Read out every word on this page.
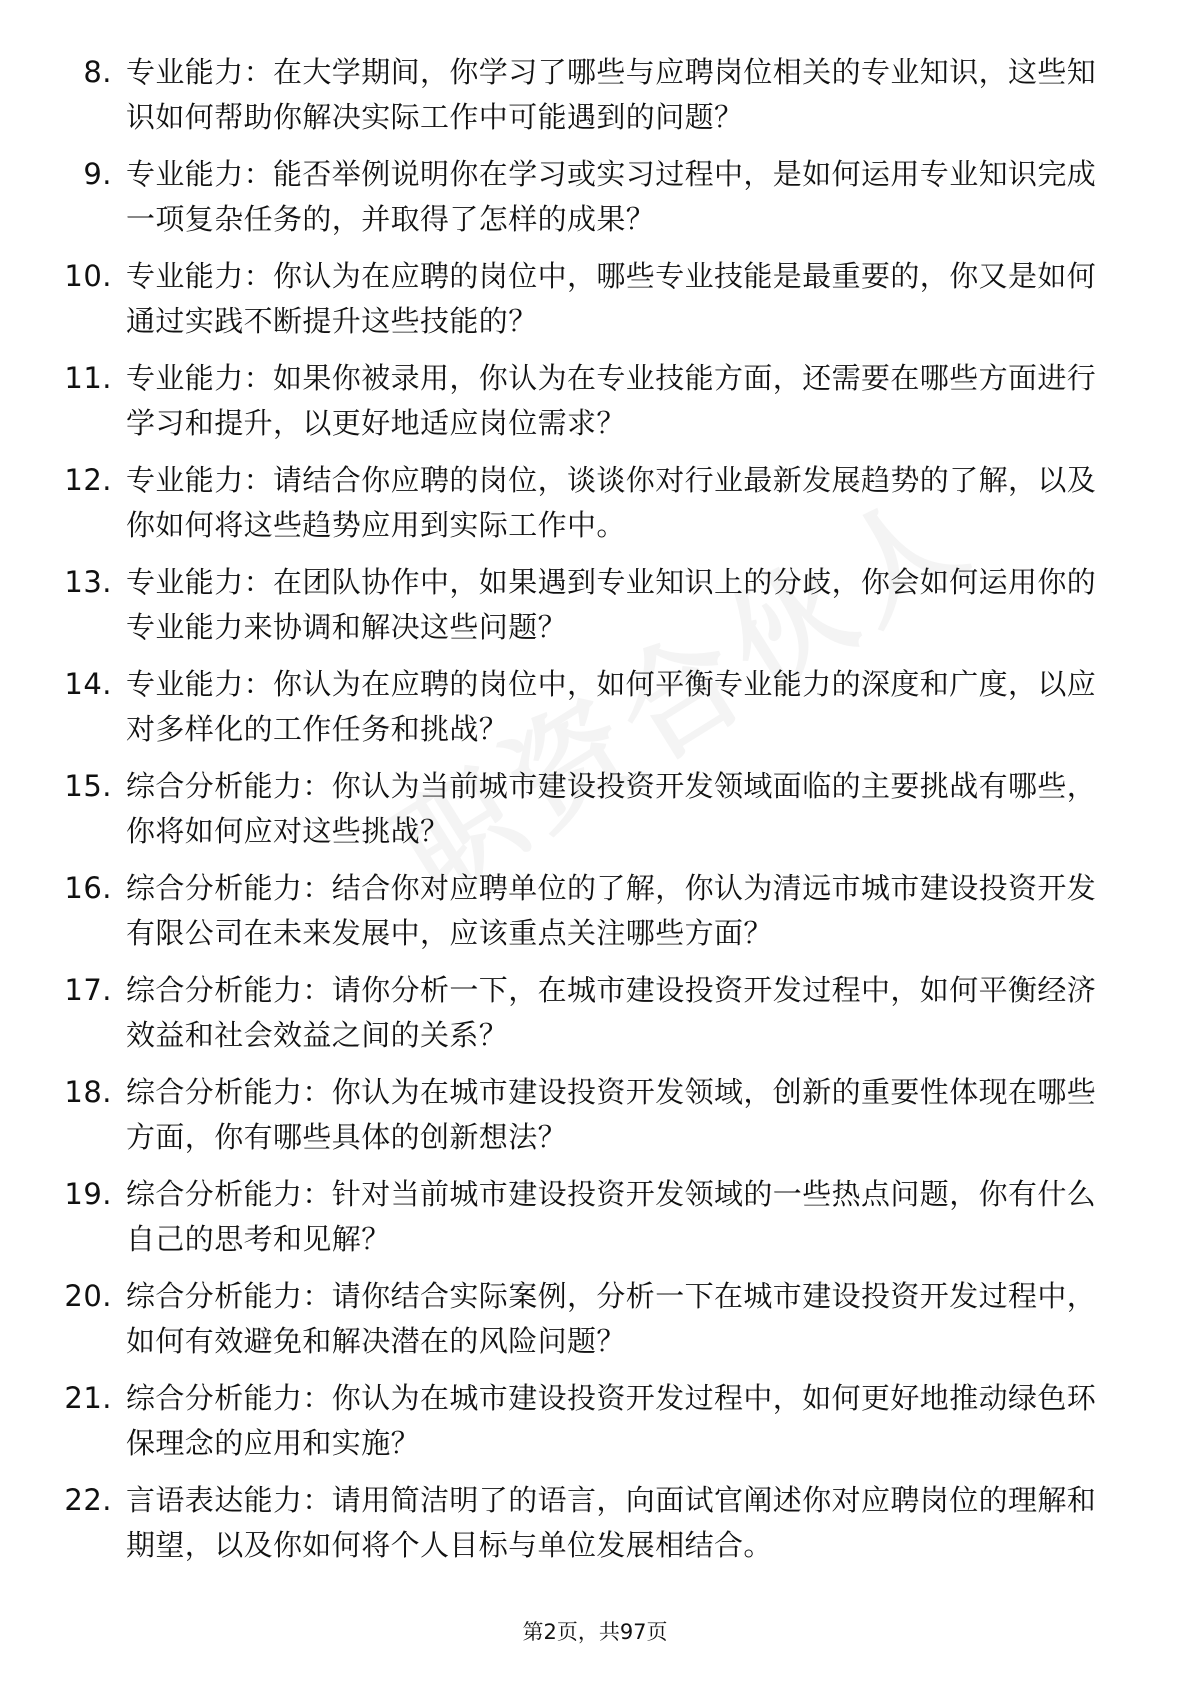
8. 专业能力：在大学期间，你学习了哪些与应聘岗位相关的专业知识，这些知识如何帮助你解决实际工作中可能遇到的问题？
9. 专业能力：能否举例说明你在学习或实习过程中，是如何运用专业知识完成一项复杂任务的，并取得了怎样的成果？
10. 专业能力：你认为在应聘的岗位中，哪些专业技能是最重要的，你又是如何通过实践不断提升这些技能的？
11. 专业能力：如果你被录用，你认为在专业技能方面，还需要在哪些方面进行学习和提升，以更好地适应岗位需求？
12. 专业能力：请结合你应聘的岗位，谈谈你对行业最新发展趋势的了解，以及你如何将这些趋势应用到实际工作中。
13. 专业能力：在团队协作中，如果遇到专业知识上的分歧，你会如何运用你的专业能力来协调和解决这些问题？
14. 专业能力：你认为在应聘的岗位中，如何平衡专业能力的深度和广度，以应对多样化的工作任务和挑战？
15. 综合分析能力：你认为当前城市建设投资开发领域面临的主要挑战有哪些，你将如何应对这些挑战？
16. 综合分析能力：结合你对应聘单位的了解，你认为清远市城市建设投资开发有限公司在未来发展中，应该重点关注哪些方面？
17. 综合分析能力：请你分析一下，在城市建设投资开发过程中，如何平衡经济效益和社会效益之间的关系？
18. 综合分析能力：你认为在城市建设投资开发领域，创新的重要性体现在哪些方面，你有哪些具体的创新想法？
19. 综合分析能力：针对当前城市建设投资开发领域的一些热点问题，你有什么自己的思考和见解？
20. 综合分析能力：请你结合实际案例，分析一下在城市建设投资开发过程中，如何有效避免和解决潜在的风险问题？
21. 综合分析能力：你认为在城市建设投资开发过程中，如何更好地推动绿色环保理念的应用和实施？
22. 言语表达能力：请用简洁明了的语言，向面试官阐述你对应聘岗位的理解和期望，以及你如何将个人目标与单位发展相结合。
第2页，共97页
